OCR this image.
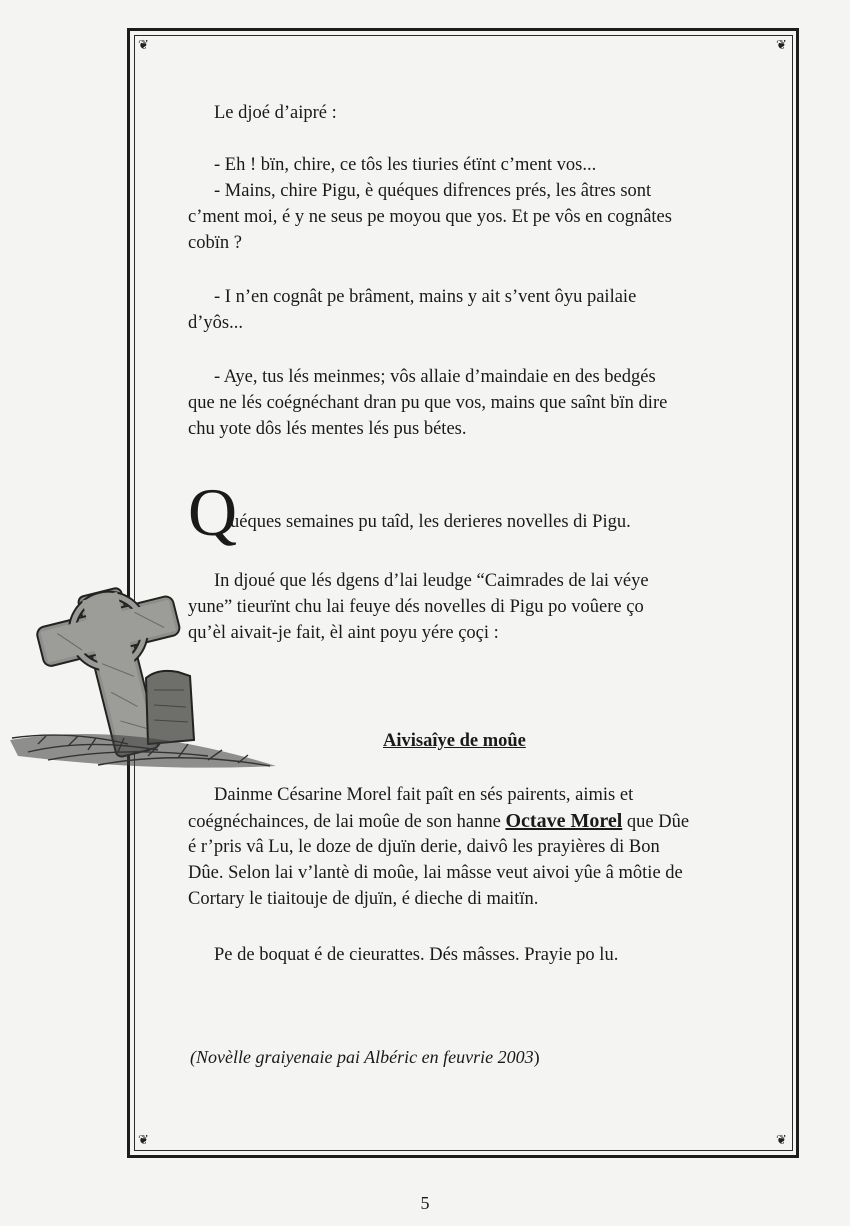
❦	❦
❦	❦

Le djoé d’aipré :

- Eh ! bïn, chire, ce tôs les tiuries étïnt c’ment vos...

- Mains, chire Pigu, è quéques difrences prés, les âtres sont

c’ment moi, é y ne seus pe moyou que yos. Et pe vôs en cognâtes

cobïn ?

- I n’en cognât pe brâment, mains y ait s’vent ôyu pailaie

d’yôs...

- Aye, tus lés meinmes; vôs allaie d’maindaie en des bedgés

que ne lés coégnéchant dran pu que vos, mains que saînt bïn dire

chu yote dôs lés mentes lés pus bétes.

Q
uéques semaines pu taîd, les derieres novelles di Pigu.

In djoué que lés dgens d’lai leudge “Caimrades de lai véye

yune” tieurïnt chu lai feuye dés novelles di Pigu po voûere ço

qu’èl aivait-je fait, èl aint poyu yére çoçi :

Aivisaîye de moûe

Dainme Césarine Morel fait paît en sés pairents, aimis et

coégnéchainces, de lai moûe de son hanne Octave Morel que Dûe

é r’pris vâ Lu, le doze de djuïn derie, daivô les prayières di Bon

Dûe. Selon lai v’lantè di moûe, lai mâsse veut aivoi yûe â môtie de

Cortary le tiaitouje de djuïn, é dieche di maitïn.

Pe de boquat é de cieurattes. Dés mâsses. Prayie po lu.

(Novèlle graiyenaie pai Albéric en feuvrie 2003)
5
